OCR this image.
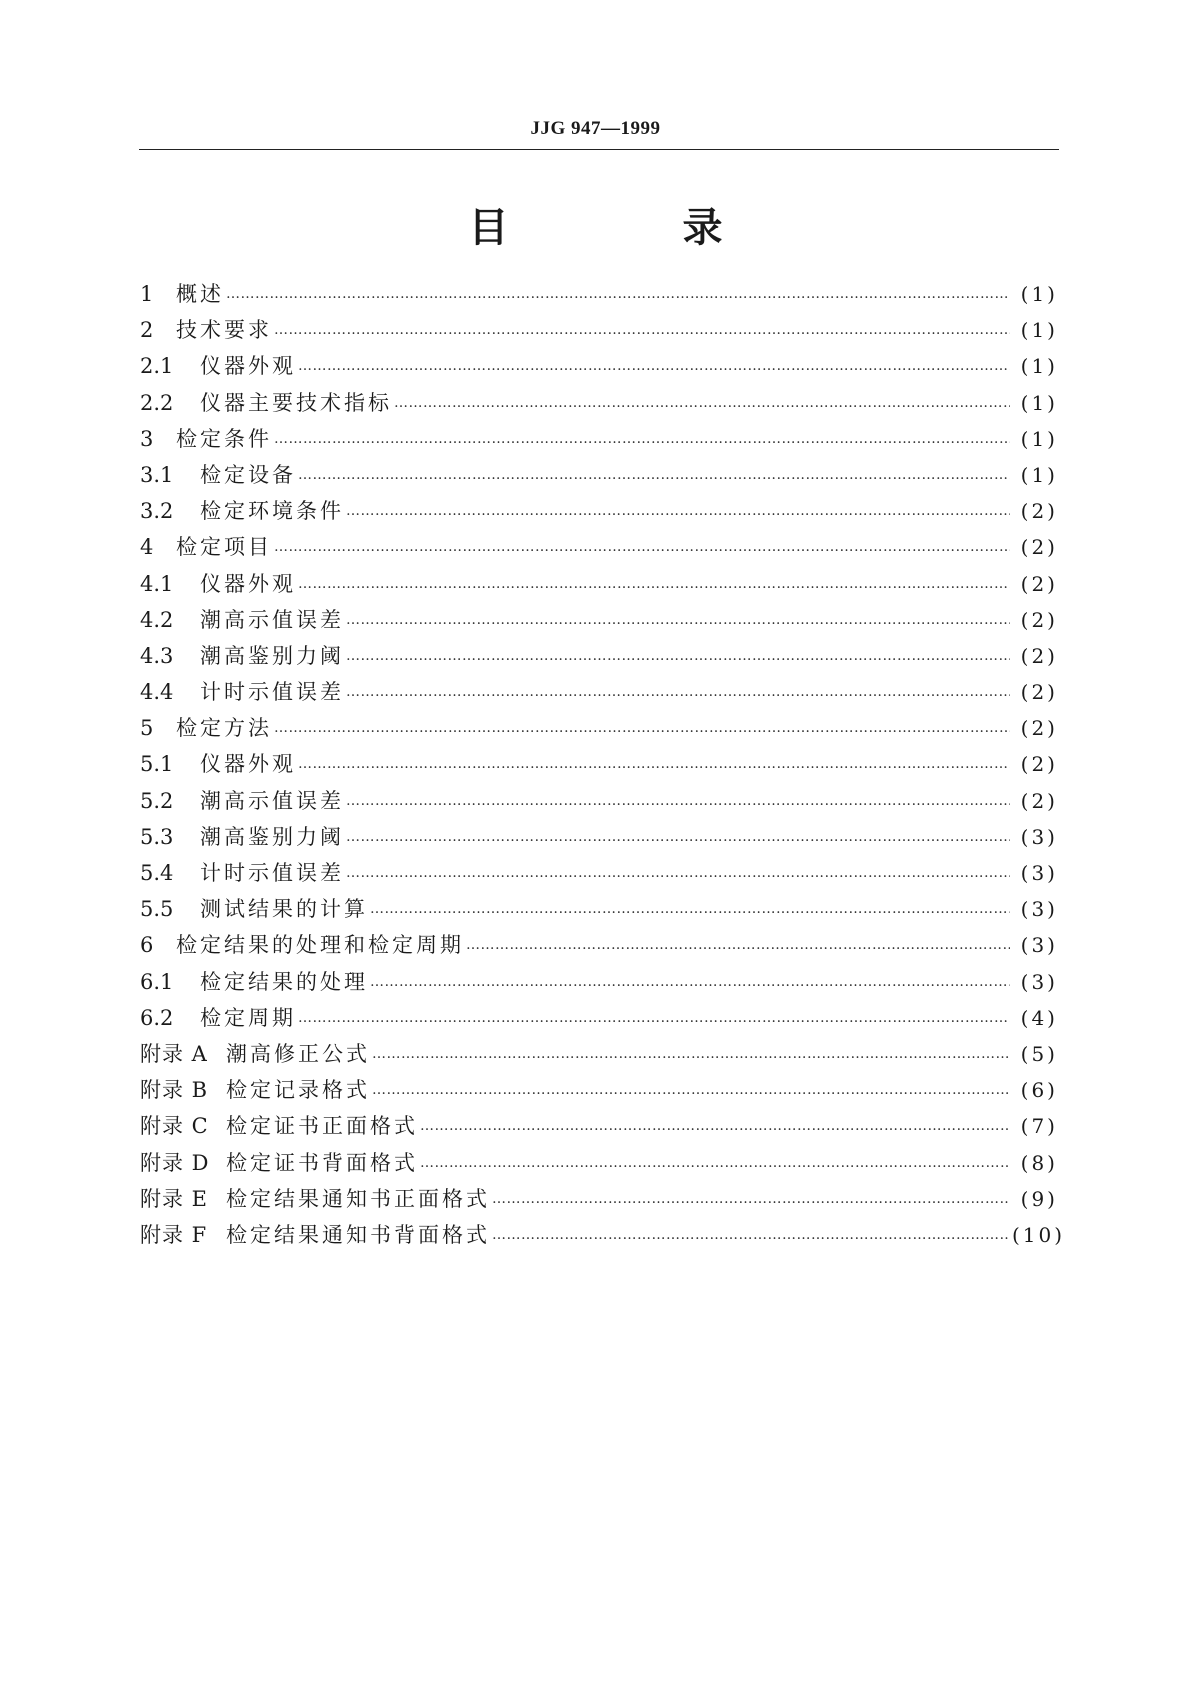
JJG 947—1999
目 录
1 概述 ………………………………………………………………………………………………………………………………………………………………………………………………………………………………	(1)
2 技术要求 ………………………………………………………………………………………………………………………………………………………………………………………………………………………………	(1)
2.1 仪器外观 ………………………………………………………………………………………………………………………………………………………………………………………………………………………………	(1)
2.2 仪器主要技术指标 ………………………………………………………………………………………………………………………………………………………………………………………………………………………………	(1)
3 检定条件 ………………………………………………………………………………………………………………………………………………………………………………………………………………………………	(1)
3.1 检定设备 ………………………………………………………………………………………………………………………………………………………………………………………………………………………………	(1)
3.2 检定环境条件 ………………………………………………………………………………………………………………………………………………………………………………………………………………………………	(2)
4 检定项目 ………………………………………………………………………………………………………………………………………………………………………………………………………………………………	(2)
4.1 仪器外观 ………………………………………………………………………………………………………………………………………………………………………………………………………………………………	(2)
4.2 潮高示值误差 ………………………………………………………………………………………………………………………………………………………………………………………………………………………………	(2)
4.3 潮高鉴别力阈 ………………………………………………………………………………………………………………………………………………………………………………………………………………………………	(2)
4.4 计时示值误差 ………………………………………………………………………………………………………………………………………………………………………………………………………………………………	(2)
5 检定方法 ………………………………………………………………………………………………………………………………………………………………………………………………………………………………	(2)
5.1 仪器外观 ………………………………………………………………………………………………………………………………………………………………………………………………………………………………	(2)
5.2 潮高示值误差 ………………………………………………………………………………………………………………………………………………………………………………………………………………………………	(2)
5.3 潮高鉴别力阈 ………………………………………………………………………………………………………………………………………………………………………………………………………………………………	(3)
5.4 计时示值误差 ………………………………………………………………………………………………………………………………………………………………………………………………………………………………	(3)
5.5 测试结果的计算 ………………………………………………………………………………………………………………………………………………………………………………………………………………………………	(3)
6 检定结果的处理和检定周期 ………………………………………………………………………………………………………………………………………………………………………………………………………………………………	(3)
6.1 检定结果的处理 ………………………………………………………………………………………………………………………………………………………………………………………………………………………………	(3)
6.2 检定周期 ………………………………………………………………………………………………………………………………………………………………………………………………………………………………	(4)
附录 A 潮高修正公式 ………………………………………………………………………………………………………………………………………………………………………………………………………………………………	(5)
附录 B 检定记录格式 ………………………………………………………………………………………………………………………………………………………………………………………………………………………………	(6)
附录 C 检定证书正面格式 ………………………………………………………………………………………………………………………………………………………………………………………………………………………………	(7)
附录 D 检定证书背面格式 ………………………………………………………………………………………………………………………………………………………………………………………………………………………………	(8)
附录 E 检定结果通知书正面格式 ………………………………………………………………………………………………………………………………………………………………………………………………………………………………	(9)
附录 F 检定结果通知书背面格式 ………………………………………………………………………………………………………………………………………………………………………………………………………………………………	(10)
